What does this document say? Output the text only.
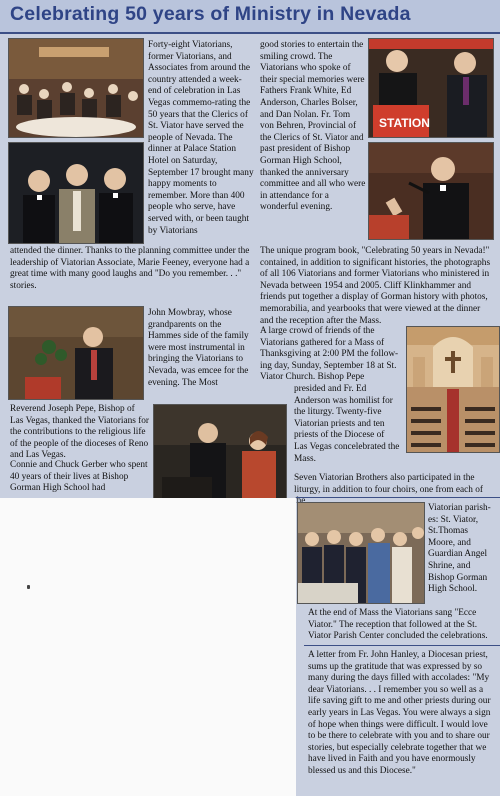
Celebrating 50 years of Ministry in Nevada
Forty-eight Viatorians, former Viatorians, and Associates from around the country attended a week-end of celebration in Las Vegas commemo-rating the 50 years that the Clerics of St. Viator have served the people of Nevada. The dinner at Palace Station Hotel on Saturday, September 17 brought many happy moments to remember. More than 400 people who serve, have served with, or been taught by Viatorians
attended the dinner. Thanks to the planning committee under the leadership of Viatorian Associate, Marie Feeney, everyone had a great time with many good laughs and "Do you remember. . ." stories.
John Mowbray, whose grandparents on the Hammes side of the family were most instrumental in bringing the Viatorians to Nevada, was emcee for the evening. The Most
Reverend Joseph Pepe, Bishop of Las Vegas, thanked the Viatorians for the contributions to the religious life of the people of the dioceses of Reno and Las Vegas.
Connie and Chuck Gerber who spent 40 years of their lives at Bishop Gorman High School had
good stories to entertain the smiling crowd. The Viatorians who spoke of their special memories were Fathers Frank White, Ed Anderson, Charles Bolser, and Dan Nolan. Fr. Tom von Behren, Provincial of the Clerics of St. Viator and past president of Bishop Gorman High School, thanked the anniversary committee and all who were in attendance for a wonderful evening.
The unique program book, "Celebrating 50 years in Nevada!" contained, in addition to significant histories, the photographs of all 106 Viatorians and former Viatorians who ministered in Nevada between 1954 and 2005. Cliff Klinkhammer and friends put together a display of Gorman history with photos, memorabilia, and yearbooks that were viewed at the dinner and the reception after the Mass.
A large crowd of friends of the Viatorians gathered for a Mass of Thanksgiving at 2:00 PM the follow-ing day, Sunday, September 18 at St. Viator Church. Bishop Pepe
presided and Fr. Ed Anderson was homilist for the liturgy. Twenty-five Viatorian priests and ten priests of the Diocese of Las Vegas concelebrated the Mass.
Seven Viatorian Brothers also participated in the liturgy, in addition to four choirs, one from each of
STATION
Viatorian parish-es: St. Viator, St.Thomas Moore, and Guardian Angel Shrine, and Bishop Gorman High School.
At the end of Mass the Viatorians sang "Ecce Viator." The reception that followed at the St. Viator Parish Center concluded the celebrations.
A letter from Fr. John Hanley, a Diocesan priest, sums up the gratitude that was expressed by so many during the days filled with accolades: "My dear Viatorians. . . I remember you so well as a life saving gift to me and other priests during our early years in Las Vegas. You were always a sign of hope when things were difficult. I would love to be there to celebrate with you and to share our stories, but especially celebrate together that we have lived in Faith and you have enormously blessed us and this Diocese."
